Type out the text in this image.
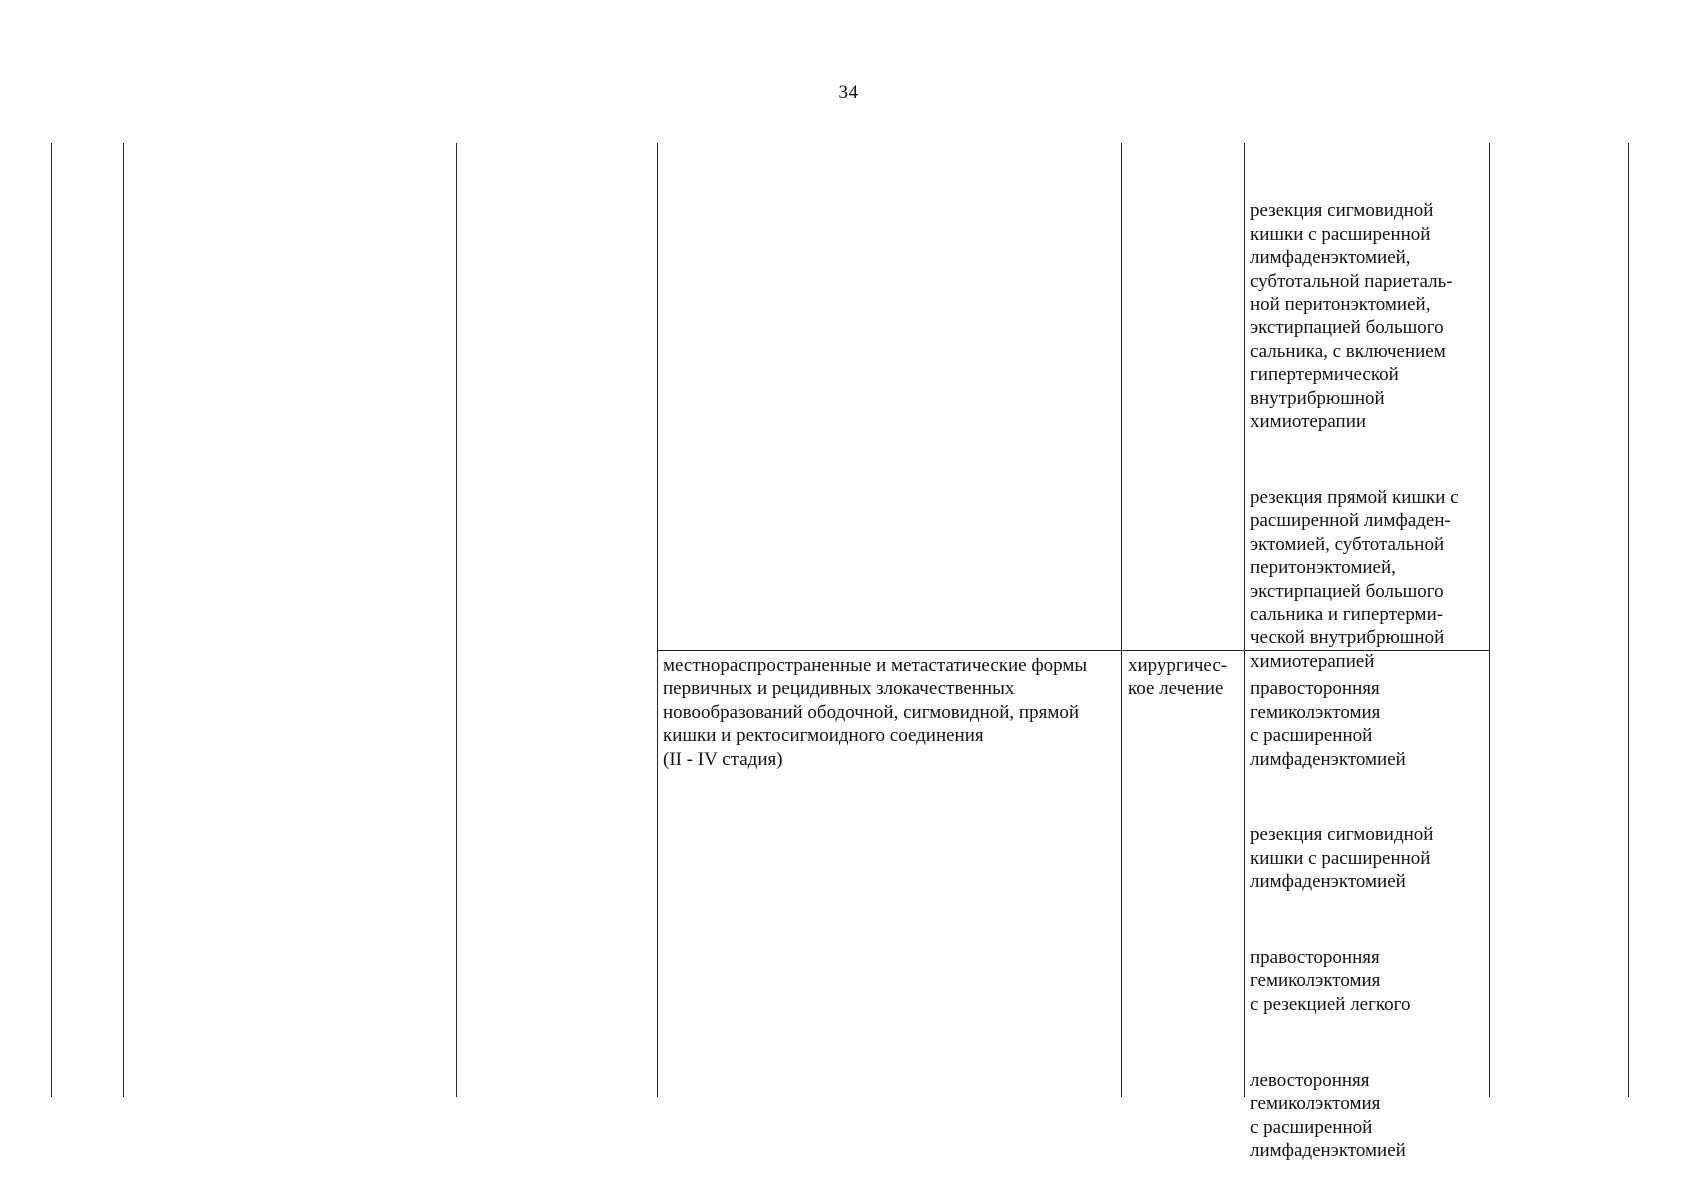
34

резекция сигмовидной
кишки с расширенной
лимфаденэктомией,
субтотальной париеталь-
ной перитонэктомией,
экстирпацией большого
сальника, с включением
гипертермической
внутрибрюшной
химиотерапии

резекция прямой кишки с
расширенной лимфаден-
эктомией, субтотальной
перитонэктомией,
экстирпацией большого
сальника и гипертерми-
ческой внутрибрюшной
химиотерапией

местнораспространенные и метастатические формы
первичных и рецидивных злокачественных
новообразований ободочной, сигмовидной, прямой
кишки и ректосигмоидного соединения
(II - IV стадия)
хирургичес-
кое лечение	правосторонняя
гемиколэктомия
с расширенной
лимфаденэктомией

резекция сигмовидной
кишки с расширенной
лимфаденэктомией

правосторонняя
гемиколэктомия
с резекцией легкого

левосторонняя
гемиколэктомия
с расширенной
лимфаденэктомией
